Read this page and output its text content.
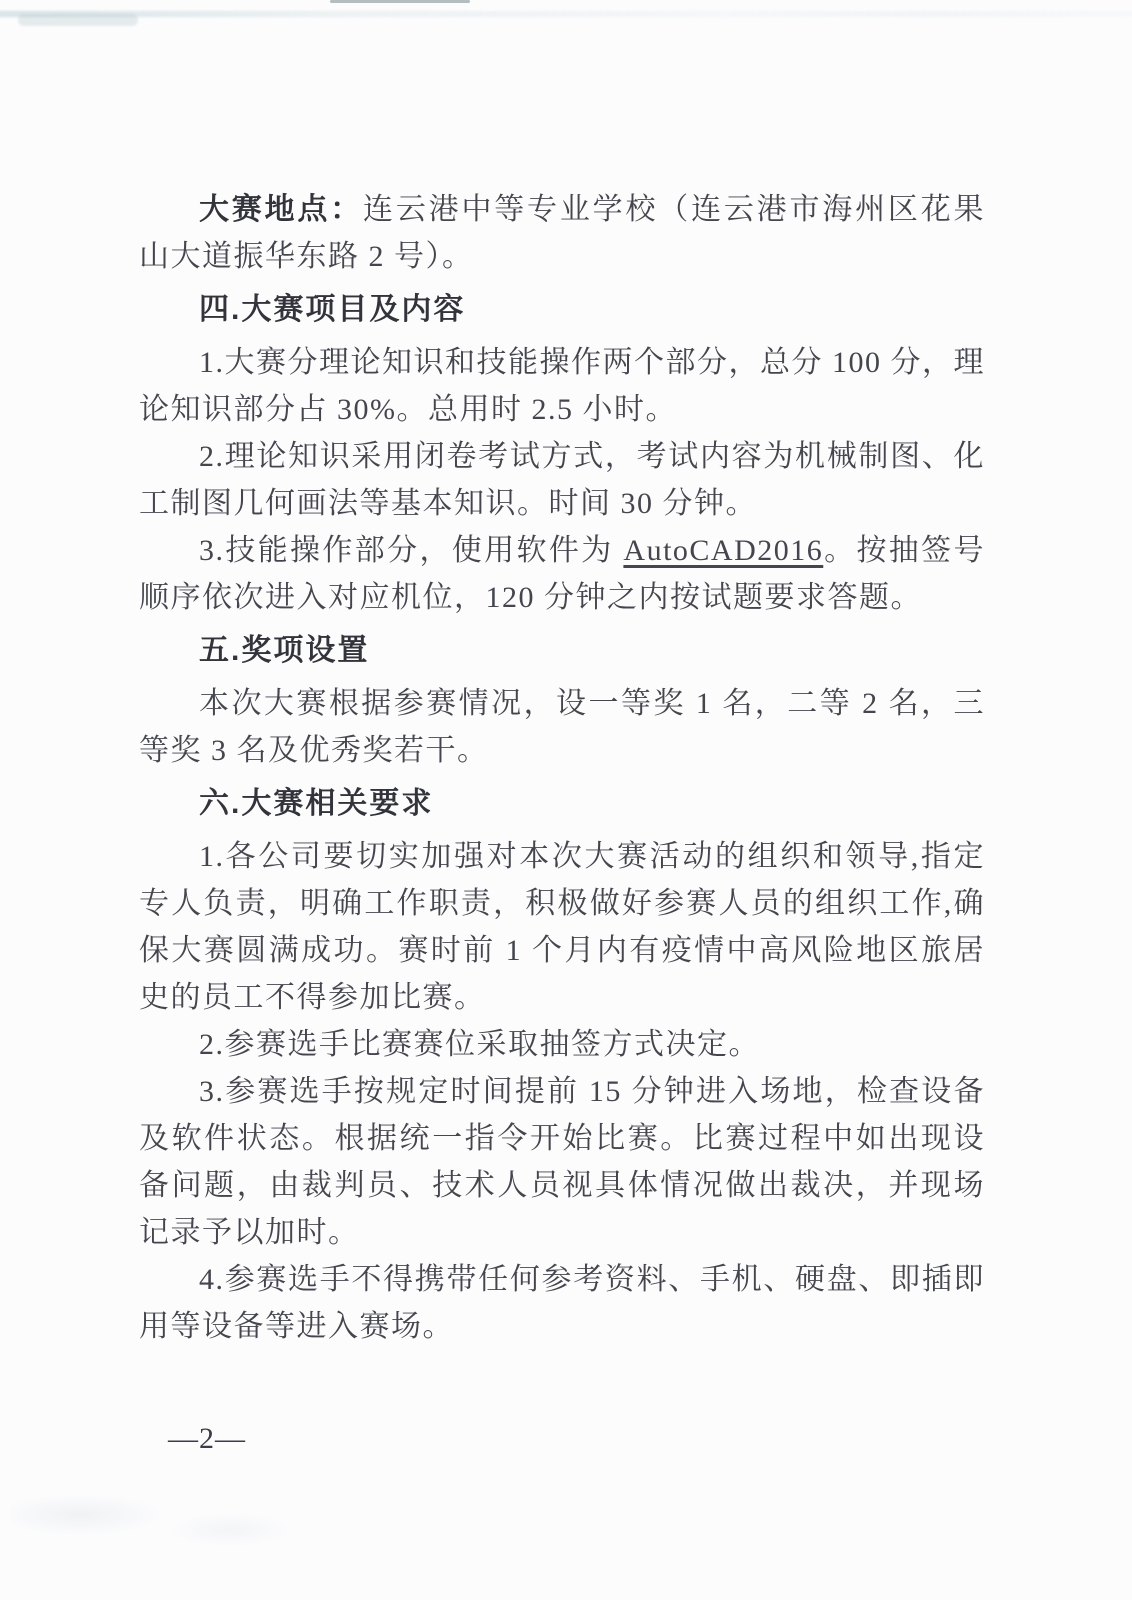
大赛地点：连云港中等专业学校（连云港市海州区花果山大道振华东路 2 号）。

四.大赛项目及内容

1.大赛分理论知识和技能操作两个部分，总分 100 分，理论知识部分占 30%。总用时 2.5 小时。

2.理论知识采用闭卷考试方式，考试内容为机械制图、化工制图几何画法等基本知识。时间 30 分钟。

3.技能操作部分，使用软件为 AutoCAD2016。按抽签号顺序依次进入对应机位，120 分钟之内按试题要求答题。

五.奖项设置

本次大赛根据参赛情况，设一等奖 1 名，二等 2 名，三等奖 3 名及优秀奖若干。

六.大赛相关要求

1.各公司要切实加强对本次大赛活动的组织和领导,指定专人负责，明确工作职责，积极做好参赛人员的组织工作,确保大赛圆满成功。赛时前 1 个月内有疫情中高风险地区旅居史的员工不得参加比赛。

2.参赛选手比赛赛位采取抽签方式决定。

3.参赛选手按规定时间提前 15 分钟进入场地，检查设备及软件状态。根据统一指令开始比赛。比赛过程中如出现设备问题，由裁判员、技术人员视具体情况做出裁决，并现场记录予以加时。

4.参赛选手不得携带任何参考资料、手机、硬盘、即插即用等设备等进入赛场。

—2—
